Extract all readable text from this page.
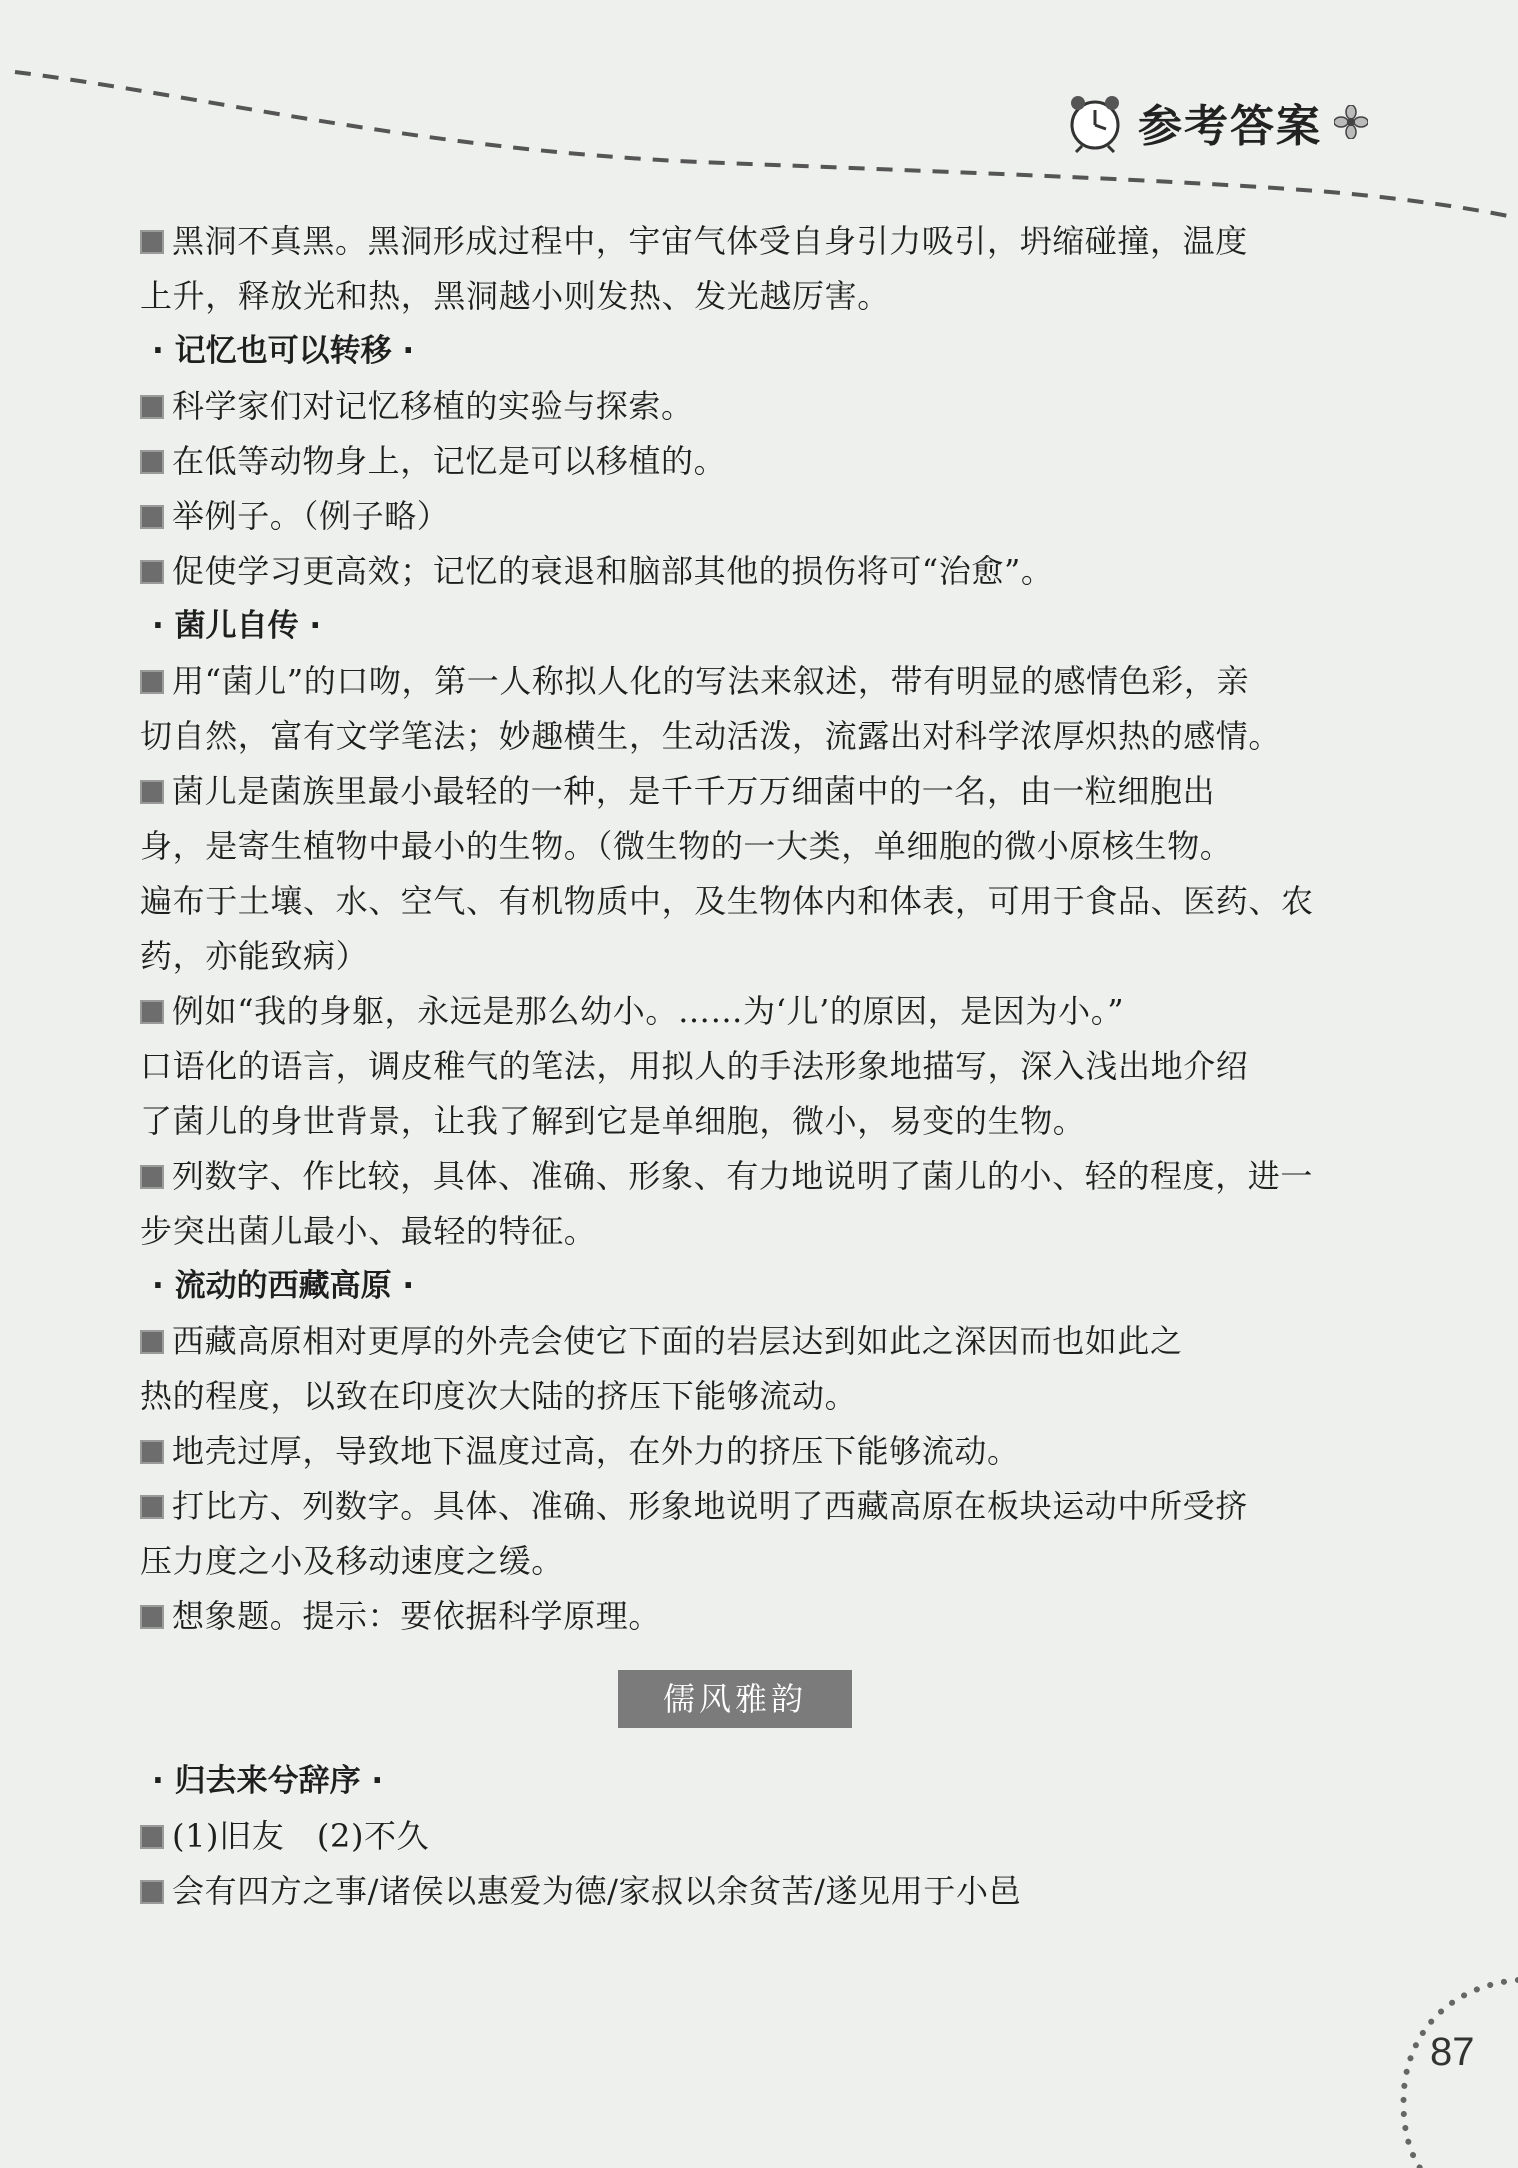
参考答案
黑洞不真黑。黑洞形成过程中，宇宙气体受自身引力吸引，坍缩碰撞，温度
上升，释放光和热，黑洞越小则发热、发光越厉害。
· 记忆也可以转移 ·
科学家们对记忆移植的实验与探索。
在低等动物身上，记忆是可以移植的。
举例子。（例子略）
促使学习更高效；记忆的衰退和脑部其他的损伤将可“治愈”。
· 菌儿自传 ·
用“菌儿”的口吻，第一人称拟人化的写法来叙述，带有明显的感情色彩，亲
切自然，富有文学笔法；妙趣横生，生动活泼，流露出对科学浓厚炽热的感情。
菌儿是菌族里最小最轻的一种，是千千万万细菌中的一名，由一粒细胞出
身，是寄生植物中最小的生物。（微生物的一大类，单细胞的微小原核生物。
遍布于土壤、水、空气、有机物质中，及生物体内和体表，可用于食品、医药、农
药，亦能致病）
例如“我的身躯，永远是那么幼小。……为‘儿’的原因，是因为小。”
口语化的语言，调皮稚气的笔法，用拟人的手法形象地描写，深入浅出地介绍
了菌儿的身世背景，让我了解到它是单细胞，微小，易变的生物。
列数字、作比较，具体、准确、形象、有力地说明了菌儿的小、轻的程度，进一
步突出菌儿最小、最轻的特征。
· 流动的西藏高原 ·
西藏高原相对更厚的外壳会使它下面的岩层达到如此之深因而也如此之
热的程度，以致在印度次大陆的挤压下能够流动。
地壳过厚，导致地下温度过高，在外力的挤压下能够流动。
打比方、列数字。具体、准确、形象地说明了西藏高原在板块运动中所受挤
压力度之小及移动速度之缓。
想象题。提示：要依据科学原理。
儒风雅韵
· 归去来兮辞序 ·
(1)旧友　(2)不久
会有四方之事/诸侯以惠爱为德/家叔以余贫苦/遂见用于小邑
87
